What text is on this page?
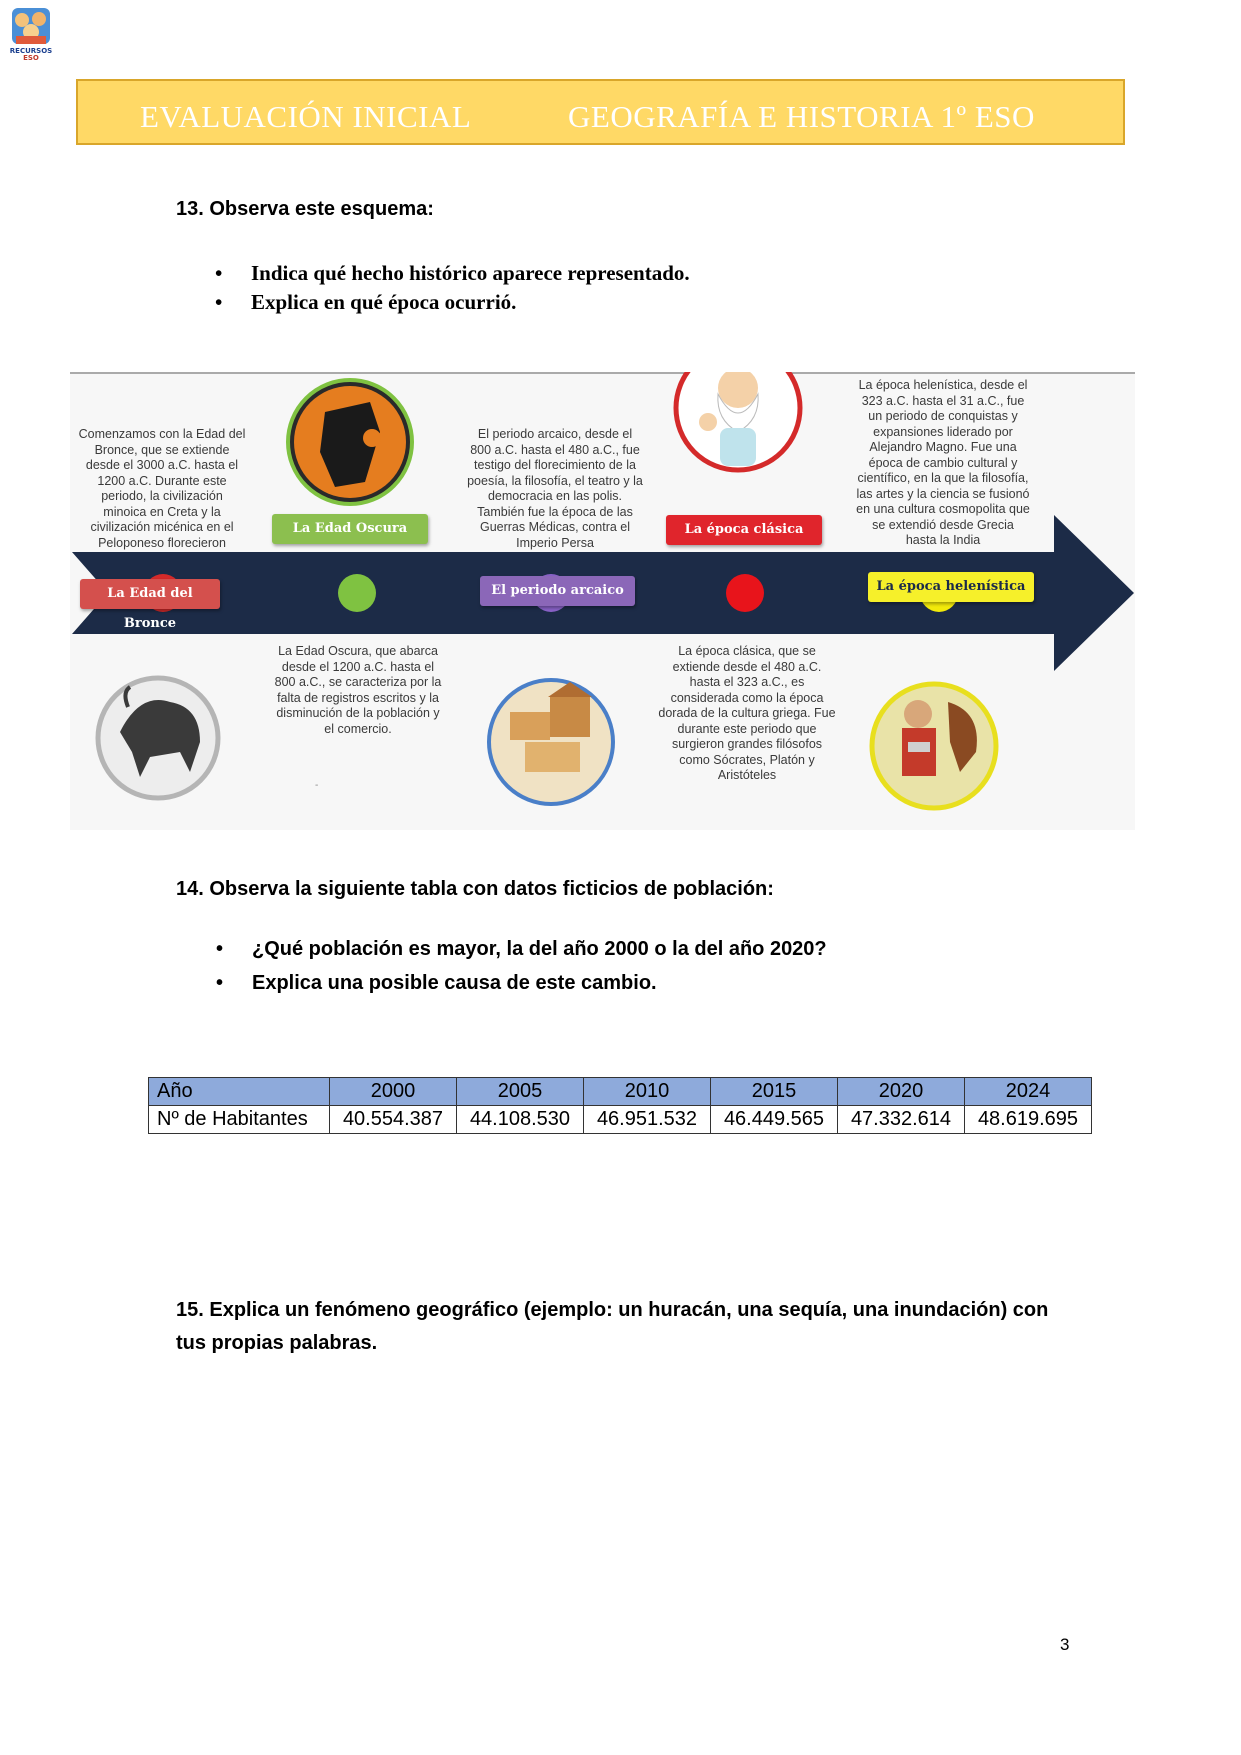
RECURSOS
ESO
EVALUACIÓN INICIAL	GEOGRAFÍA E HISTORIA 1º ESO
13. Observa este esquema:
• Indica qué hecho histórico aparece representado.
• Explica en qué época ocurrió.
-
La Edad del Bronce
La Edad Oscura
El periodo arcaico
La época clásica
La época helenística
Comenzamos con la Edad del Bronce, que se extiende desde el 3000 a.C. hasta el 1200 a.C. Durante este periodo, la civilización minoica en Creta y la civilización micénica en el Peloponeso florecieron
La Edad Oscura, que abarca desde el 1200 a.C. hasta el 800 a.C., se caracteriza por la falta de registros escritos y la disminución de la población y el comercio.
El periodo arcaico, desde el 800 a.C. hasta el 480 a.C., fue testigo del florecimiento de la poesía, la filosofía, el teatro y la democracia en las polis. También fue la época de las Guerras Médicas, contra el Imperio Persa
La época clásica, que se extiende desde el 480 a.C. hasta el 323 a.C., es considerada como la época dorada de la cultura griega. Fue durante este periodo que surgieron grandes filósofos como Sócrates, Platón y Aristóteles
La época helenística, desde el 323 a.C. hasta el 31 a.C., fue un periodo de conquistas y expansiones liderado por Alejandro Magno. Fue una época de cambio cultural y científico, en la que la filosofía, las artes y la ciencia se fusionó en una cultura cosmopolita que se extendió desde Grecia hasta la India
14. Observa la siguiente tabla con datos ficticios de población:
• ¿Qué población es mayor, la del año 2000 o la del año 2020?
• Explica una posible causa de este cambio.
Año	2000	2005	2010	2015	2020	2024
Nº de Habitantes	40.554.387	44.108.530	46.951.532	46.449.565	47.332.614	48.619.695
15. Explica un fenómeno geográfico (ejemplo: un huracán, una sequía, una inundación) con
tus propias palabras.
3
